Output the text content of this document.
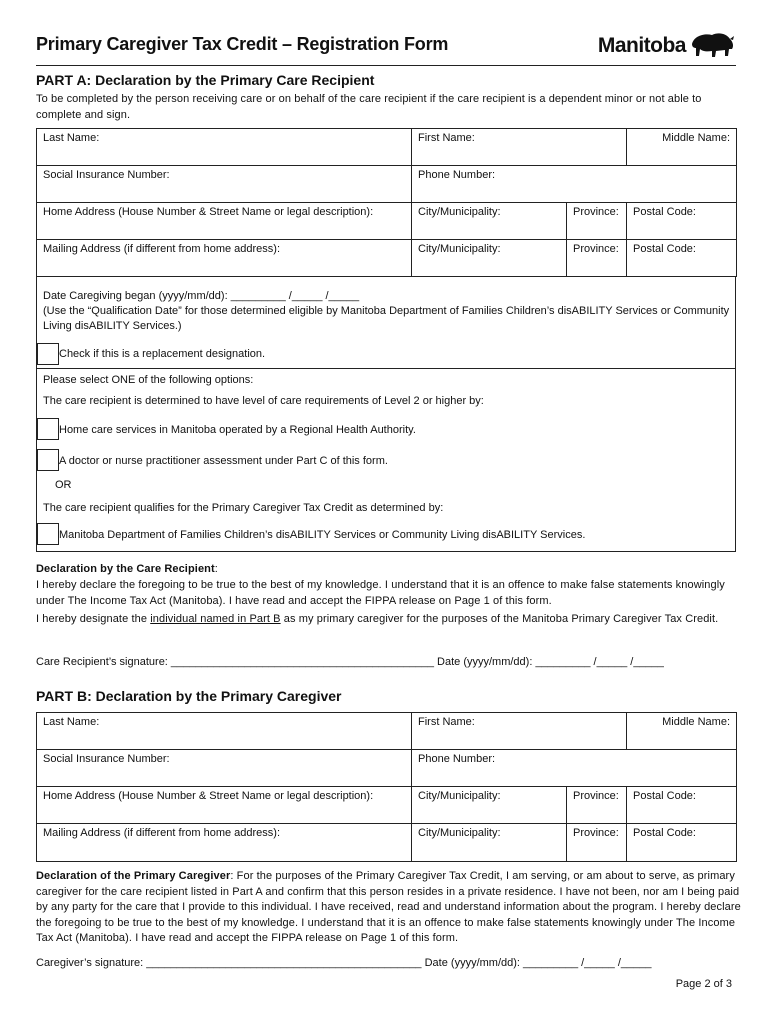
Primary Caregiver Tax Credit – Registration Form	Manitoba
PART A: Declaration by the Primary Care Recipient
To be completed by the person receiving care or on behalf of the care recipient if the care recipient is a dependent minor or not able to complete and sign.
Last Name:	First Name:		Middle Name:
Social Insurance Number:	Phone Number:		
Home Address (House Number & Street Name or legal description):	City/Municipality:	Province:	Postal Code:
Mailing Address (if different from home address):	City/Municipality:	Province:	Postal Code:
Date Caregiving began (yyyy/mm/dd): _________ /_____ /_____
(Use the “Qualification Date” for those determined eligible by Manitoba Department of Families Children’s disABILITY Services or Community Living disABILITY Services.)
Check if this is a replacement designation.
Please select ONE of the following options:
The care recipient is determined to have level of care requirements of Level 2 or higher by:
Home care services in Manitoba operated by a Regional Health Authority.
A doctor or nurse practitioner assessment under Part C of this form.
OR
The care recipient qualifies for the Primary Caregiver Tax Credit as determined by:
Manitoba Department of Families Children’s disABILITY Services or Community Living disABILITY Services.
Declaration by the Care Recipient:
I hereby declare the foregoing to be true to the best of my knowledge. I understand that it is an offence to make false statements knowingly under The Income Tax Act (Manitoba). I have read and accept the FIPPA release on Page 1 of this form.
I hereby designate the individual named in Part B as my primary caregiver for the purposes of the Manitoba Primary Caregiver Tax Credit.
Care Recipient’s signature: ___________________________________________ Date (yyyy/mm/dd): _________ /_____ /_____
PART B: Declaration by the Primary Caregiver
Last Name:	First Name:		Middle Name:
Social Insurance Number:	Phone Number:		
Home Address (House Number & Street Name or legal description):	City/Municipality:	Province:	Postal Code:
Mailing Address (if different from home address):	City/Municipality:	Province:	Postal Code:
Declaration of the Primary Caregiver: For the purposes of the Primary Caregiver Tax Credit, I am serving, or am about to serve, as primary caregiver for the care recipient listed in Part A and confirm that this person resides in a private residence. I have not been, nor am I being paid by any party for the care that I provide to this individual. I have received, read and understand information about the program. I hereby declare the foregoing to be true to the best of my knowledge. I understand that it is an offence to make false statements knowingly under The Income Tax Act (Manitoba). I have read and accept the FIPPA release on Page 1 of this form.
Caregiver’s signature: _____________________________________________ Date (yyyy/mm/dd): _________ /_____ /_____
Page 2 of 3
